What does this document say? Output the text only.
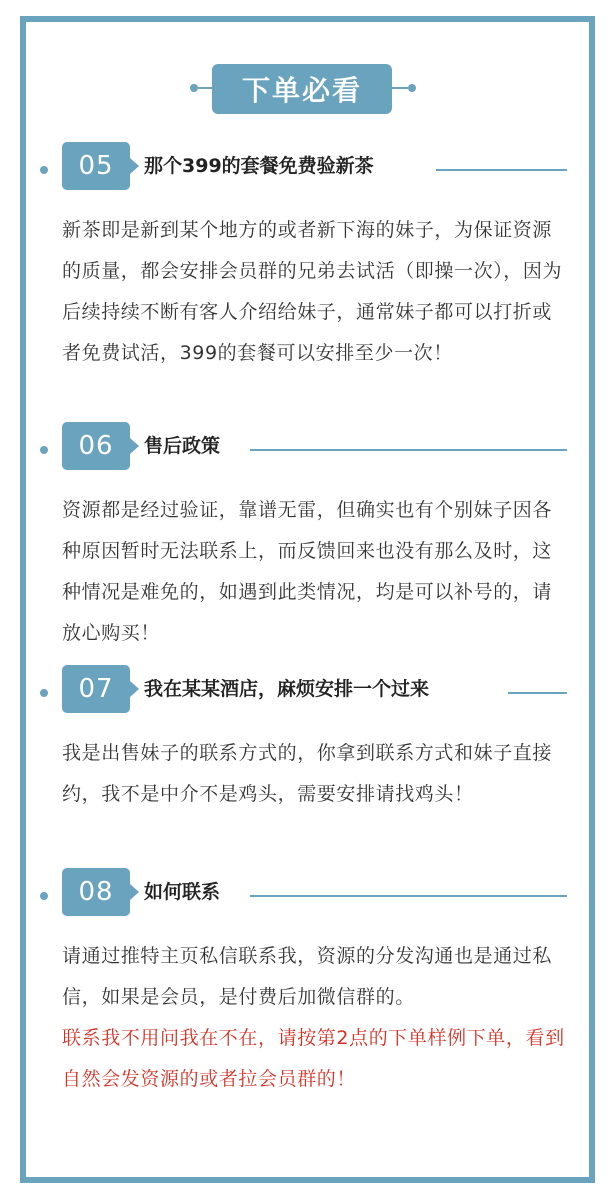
下单必看
05	那个399的套餐免费验新茶
新茶即是新到某个地方的或者新下海的妹子，为保证资源的质量，都会安排会员群的兄弟去试活（即操一次），因为后续持续不断有客人介绍给妹子，通常妹子都可以打折或者免费试活，399的套餐可以安排至少一次！
06	售后政策
资源都是经过验证，靠谱无雷，但确实也有个别妹子因各种原因暂时无法联系上，而反馈回来也没有那么及时，这种情况是难免的，如遇到此类情况，均是可以补号的，请放心购买！
07	我在某某酒店，麻烦安排一个过来
我是出售妹子的联系方式的，你拿到联系方式和妹子直接约，我不是中介不是鸡头，需要安排请找鸡头！
08	如何联系
请通过推特主页私信联系我，资源的分发沟通也是通过私信，如果是会员，是付费后加微信群的。
联系我不用问我在不在，请按第2点的下单样例下单，看到自然会发资源的或者拉会员群的！
